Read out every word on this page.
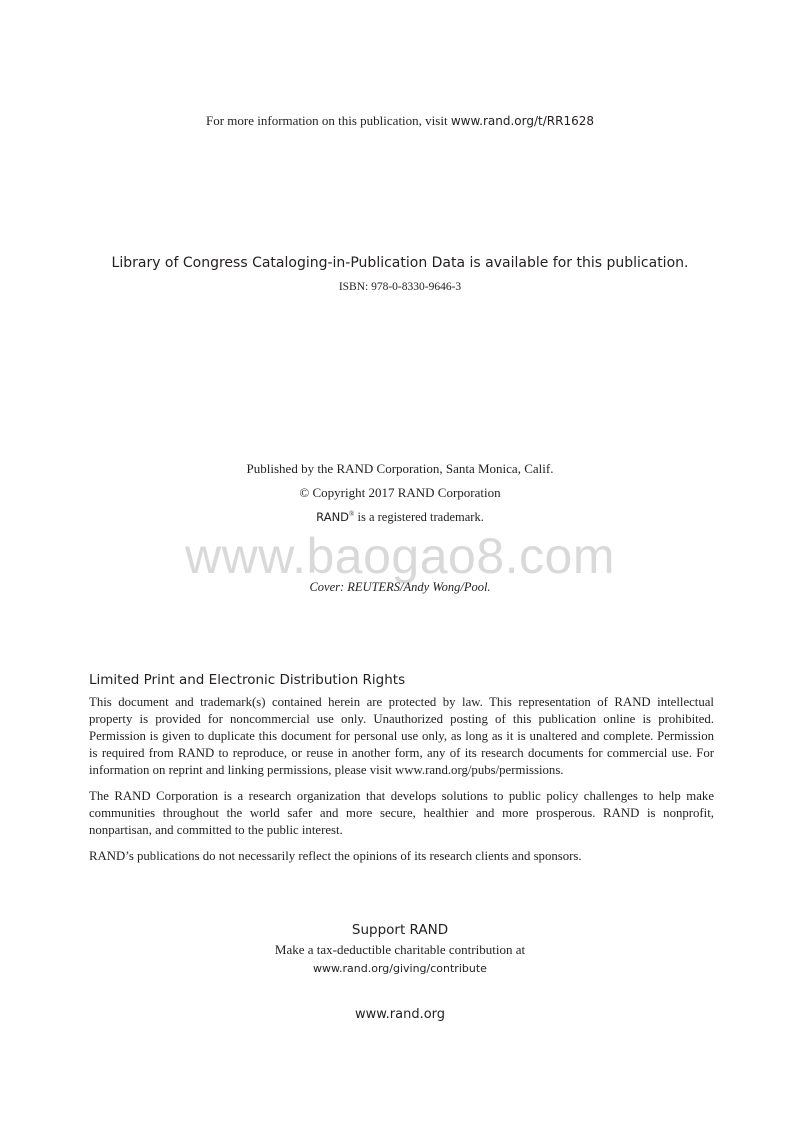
For more information on this publication, visit www.rand.org/t/RR1628
Library of Congress Cataloging-in-Publication Data is available for this publication.
ISBN: 978-0-8330-9646-3
Published by the RAND Corporation, Santa Monica, Calif.
© Copyright 2017 RAND Corporation
RAND® is a registered trademark.
www.baogao8.com
Cover: REUTERS/Andy Wong/Pool.
Limited Print and Electronic Distribution Rights

This document and trademark(s) contained herein are protected by law. This representation of RAND intellectual property is provided for noncommercial use only. Unauthorized posting of this publication online is prohibited. Permission is given to duplicate this document for personal use only, as long as it is unaltered and complete. Permission is required from RAND to reproduce, or reuse in another form, any of its research documents for commercial use. For information on reprint and linking permissions, please visit www.rand.org/pubs/permissions.

The RAND Corporation is a research organization that develops solutions to public policy challenges to help make communities throughout the world safer and more secure, healthier and more prosperous. RAND is nonprofit, nonpartisan, and committed to the public interest.

RAND’s publications do not necessarily reflect the opinions of its research clients and sponsors.

Support RAND
Make a tax-deductible charitable contribution at
www.rand.org/giving/contribute
www.rand.org
